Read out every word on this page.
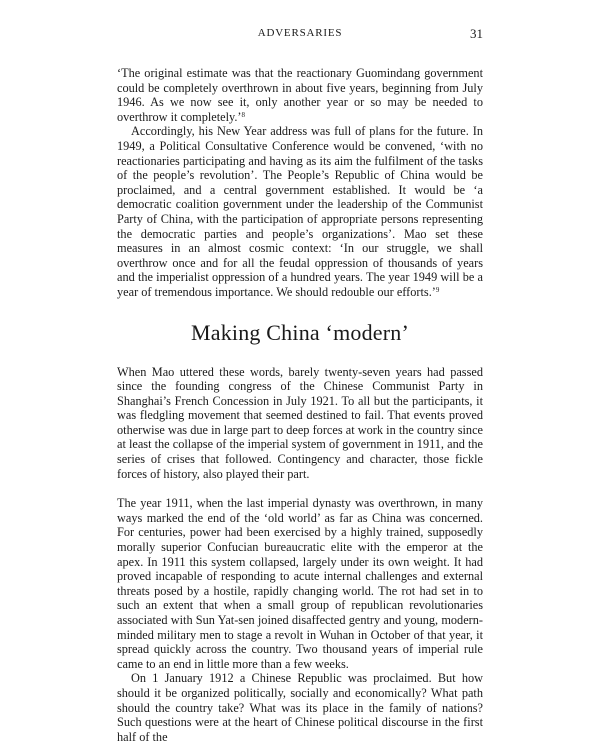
ADVERSARIES	31

‘The original estimate was that the reactionary Guomindang government could be completely overthrown in about five years, beginning from July 1946. As we now see it, only another year or so may be needed to overthrow it completely.’$^8$

Accordingly, his New Year address was full of plans for the future. In 1949, a Political Consultative Conference would be convened, ‘with no reactionaries participating and having as its aim the fulfilment of the tasks of the people’s revolution’. The People’s Republic of China would be proclaimed, and a central government established. It would be ‘a democratic coalition government under the leadership of the Communist Party of China, with the participation of appropriate persons representing the democratic parties and people’s organizations’. Mao set these measures in an almost cosmic context: ‘In our struggle, we shall overthrow once and for all the feudal oppression of thousands of years and the imperialist oppression of a hundred years. The year 1949 will be a year of tremendous importance. We should redouble our efforts.’$^9$

Making China ‘modern’

When Mao uttered these words, barely twenty-seven years had passed since the founding congress of the Chinese Communist Party in Shanghai’s French Concession in July 1921. To all but the participants, it was fledgling movement that seemed destined to fail. That events proved otherwise was due in large part to deep forces at work in the country since at least the collapse of the imperial system of government in 1911, and the series of crises that followed. Contingency and character, those fickle forces of history, also played their part.

The year 1911, when the last imperial dynasty was overthrown, in many ways marked the end of the ‘old world’ as far as China was concerned. For centuries, power had been exercised by a highly trained, supposedly morally superior Confucian bureaucratic elite with the emperor at the apex. In 1911 this system collapsed, largely under its own weight. It had proved incapable of responding to acute internal challenges and external threats posed by a hostile, rapidly changing world. The rot had set in to such an extent that when a small group of republican revolutionaries associated with Sun Yat-sen joined disaffected gentry and young, modern-minded military men to stage a revolt in Wuhan in October of that year, it spread quickly across the country. Two thousand years of imperial rule came to an end in little more than a few weeks.

On 1 January 1912 a Chinese Republic was proclaimed. But how should it be organized politically, socially and economically? What path should the country take? What was its place in the family of nations? Such questions were at the heart of Chinese political discourse in the first half of the
